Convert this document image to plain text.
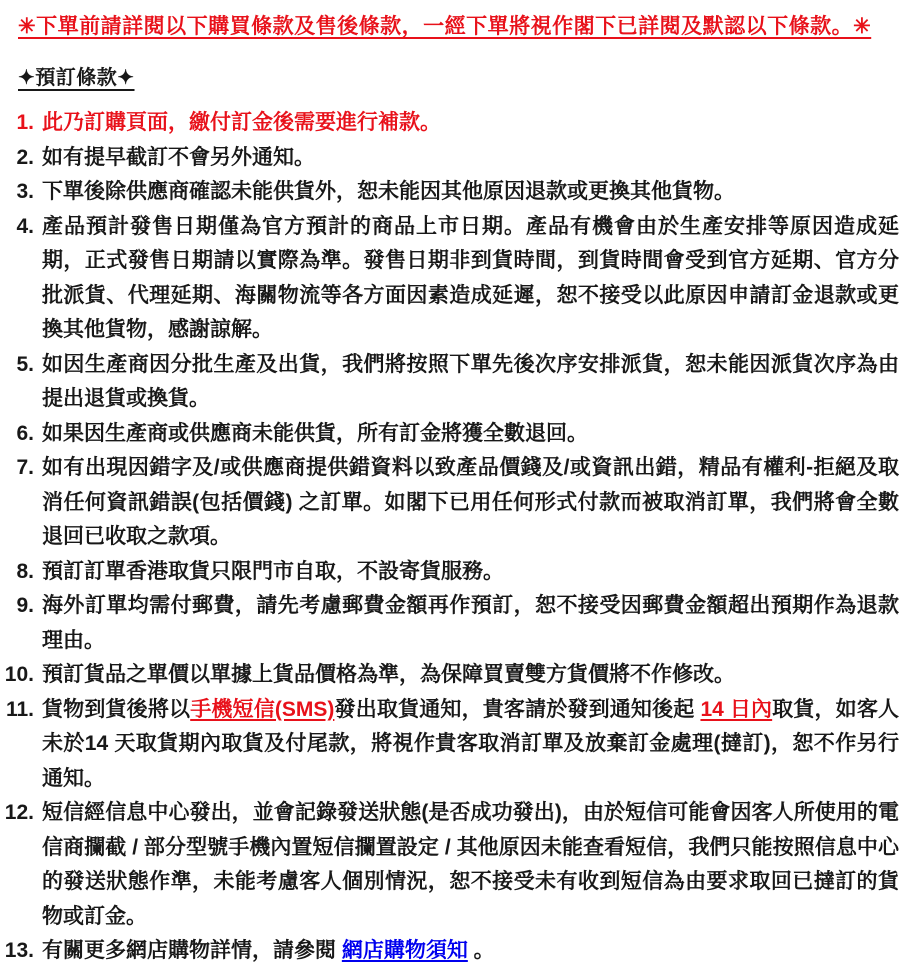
✳下單前請詳閱以下購買條款及售後條款，一經下單將視作閣下已詳閱及默認以下條款。✳

✦預訂條款✦
1. 此乃訂購頁面，繳付訂金後需要進行補款。
2. 如有提早截訂不會另外通知。
3. 下單後除供應商確認未能供貨外，恕未能因其他原因退款或更換其他貨物。
4. 產品預計發售日期僅為官方預計的商品上市日期。產品有機會由於生產安排等原因造成延期，正式發售日期請以實際為準。發售日期非到貨時間，到貨時間會受到官方延期、官方分批派貨、代理延期、海關物流等各方面因素造成延遲，恕不接受以此原因申請訂金退款或更換其他貨物，感謝諒解。
5. 如因生產商因分批生產及出貨，我們將按照下單先後次序安排派貨，恕未能因派貨次序為由提出退貨或換貨。
6. 如果因生產商或供應商未能供貨，所有訂金將獲全數退回。
7. 如有出現因錯字及/或供應商提供錯資料以致產品價錢及/或資訊出錯，精品有權利-拒絕及取消任何資訊錯誤(包括價錢) 之訂單。如閣下已用任何形式付款而被取消訂單，我們將會全數退回已收取之款項。
8. 預訂訂單香港取貨只限門市自取，不設寄貨服務。
9. 海外訂單均需付郵費，請先考慮郵費金額再作預訂，恕不接受因郵費金額超出預期作為退款理由。
10. 預訂貨品之單價以單據上貨品價格為準，為保障買賣雙方貨價將不作修改。
11. 貨物到貨後將以手機短信(SMS)發出取貨通知，貴客請於發到通知後起 14 日內取貨，如客人未於14 天取貨期內取貨及付尾款，將視作貴客取消訂單及放棄訂金處理(撻訂)，恕不作另行通知。
12. 短信經信息中心發出，並會記錄發送狀態(是否成功發出)，由於短信可能會因客人所使用的電信商攔截 / 部分型號手機內置短信攔置設定 / 其他原因未能查看短信，我們只能按照信息中心的發送狀態作準，未能考慮客人個別情況，恕不接受未有收到短信為由要求取回已撻訂的貨物或訂金。
13. 有關更多網店購物詳情，請參閱 網店購物須知 。
